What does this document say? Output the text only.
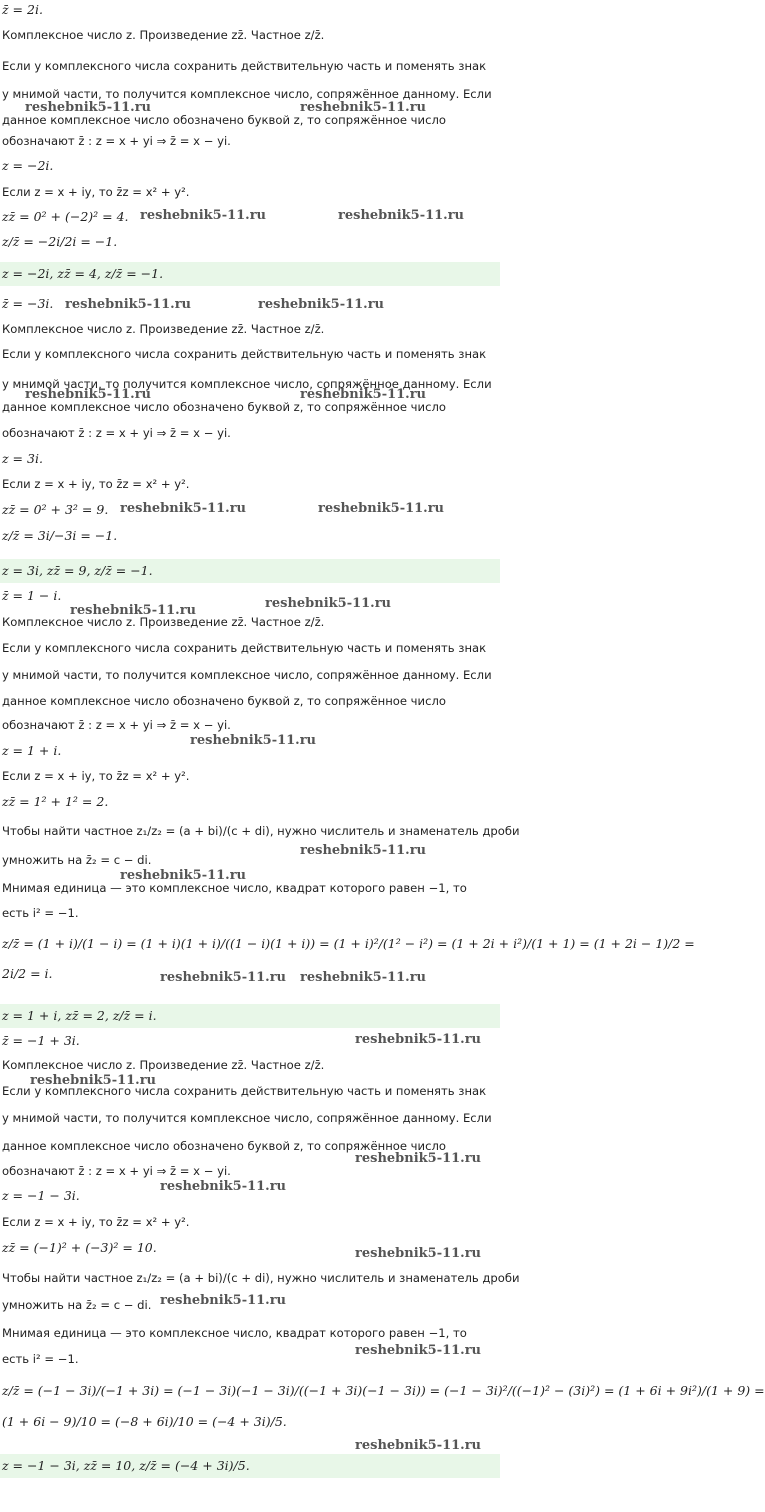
z̄ = 2i.
Комплексное число z. Произведение zz̄. Частное z/z̄.
Если у комплексного числа сохранить действительную часть и поменять знак
у мнимой части, то получится комплексное число, сопряжённое данному. Если
данное комплексное число обозначено буквой z, то сопряжённое число
обозначают z̄ : z = x + yi ⇒ z̄ = x − yi.
z = −2i.
Если z = x + iy, то z̄z = x² + y².
zz̄ = 0² + (−2)² = 4.
z/z̄ = −2i/2i = −1.
z = −2i, zz̄ = 4, z/z̄ = −1.
z̄ = −3i.
Комплексное число z. Произведение zz̄. Частное z/z̄.
Если у комплексного числа сохранить действительную часть и поменять знак
у мнимой части, то получится комплексное число, сопряжённое данному. Если
данное комплексное число обозначено буквой z, то сопряжённое число
обозначают z̄ : z = x + yi ⇒ z̄ = x − yi.
z = 3i.
Если z = x + iy, то z̄z = x² + y².
zz̄ = 0² + 3² = 9.
z/z̄ = 3i/−3i = −1.
z = 3i, zz̄ = 9, z/z̄ = −1.
z̄ = 1 − i.
Комплексное число z. Произведение zz̄. Частное z/z̄.
Если у комплексного числа сохранить действительную часть и поменять знак
у мнимой части, то получится комплексное число, сопряжённое данному. Если
данное комплексное число обозначено буквой z, то сопряжённое число
обозначают z̄ : z = x + yi ⇒ z̄ = x − yi.
z = 1 + i.
Если z = x + iy, то z̄z = x² + y².
zz̄ = 1² + 1² = 2.
Чтобы найти частное z₁/z₂ = (a + bi)/(c + di), нужно числитель и знаменатель дроби
умножить на z̄₂ = c − di.
Мнимая единица — это комплексное число, квадрат которого равен −1, то
есть i² = −1.
z/z̄ = (1 + i)/(1 − i) = (1 + i)(1 + i)/((1 − i)(1 + i)) = (1 + i)²/(1² − i²) = (1 + 2i + i²)/(1 + 1) = (1 + 2i − 1)/2 =
2i/2 = i.
z = 1 + i, zz̄ = 2, z/z̄ = i.
z̄ = −1 + 3i.
Комплексное число z. Произведение zz̄. Частное z/z̄.
Если у комплексного числа сохранить действительную часть и поменять знак
у мнимой части, то получится комплексное число, сопряжённое данному. Если
данное комплексное число обозначено буквой z, то сопряжённое число
обозначают z̄ : z = x + yi ⇒ z̄ = x − yi.
z = −1 − 3i.
Если z = x + iy, то z̄z = x² + y².
zz̄ = (−1)² + (−3)² = 10.
Чтобы найти частное z₁/z₂ = (a + bi)/(c + di), нужно числитель и знаменатель дроби
умножить на z̄₂ = c − di.
Мнимая единица — это комплексное число, квадрат которого равен −1, то
есть i² = −1.
z/z̄ = (−1 − 3i)/(−1 + 3i) = (−1 − 3i)(−1 − 3i)/((−1 + 3i)(−1 − 3i)) = (−1 − 3i)²/((−1)² − (3i)²) = (1 + 6i + 9i²)/(1 + 9) =
(1 + 6i − 9)/10 = (−8 + 6i)/10 = (−4 + 3i)/5.
z = −1 − 3i, zz̄ = 10, z/z̄ = (−4 + 3i)/5.
reshebnik5-11.ru	reshebnik5-11.ru
reshebnik5-11.ru	reshebnik5-11.ru
reshebnik5-11.ru	reshebnik5-11.ru
reshebnik5-11.ru	reshebnik5-11.ru
reshebnik5-11.ru	reshebnik5-11.ru
reshebnik5-11.ru
reshebnik5-11.ru
reshebnik5-11.ru
reshebnik5-11.ru
reshebnik5-11.ru
reshebnik5-11.ru reshebnik5-11.ru
reshebnik5-11.ru
reshebnik5-11.ru
reshebnik5-11.ru
reshebnik5-11.ru
reshebnik5-11.ru
reshebnik5-11.ru
reshebnik5-11.ru
reshebnik5-11.ru
